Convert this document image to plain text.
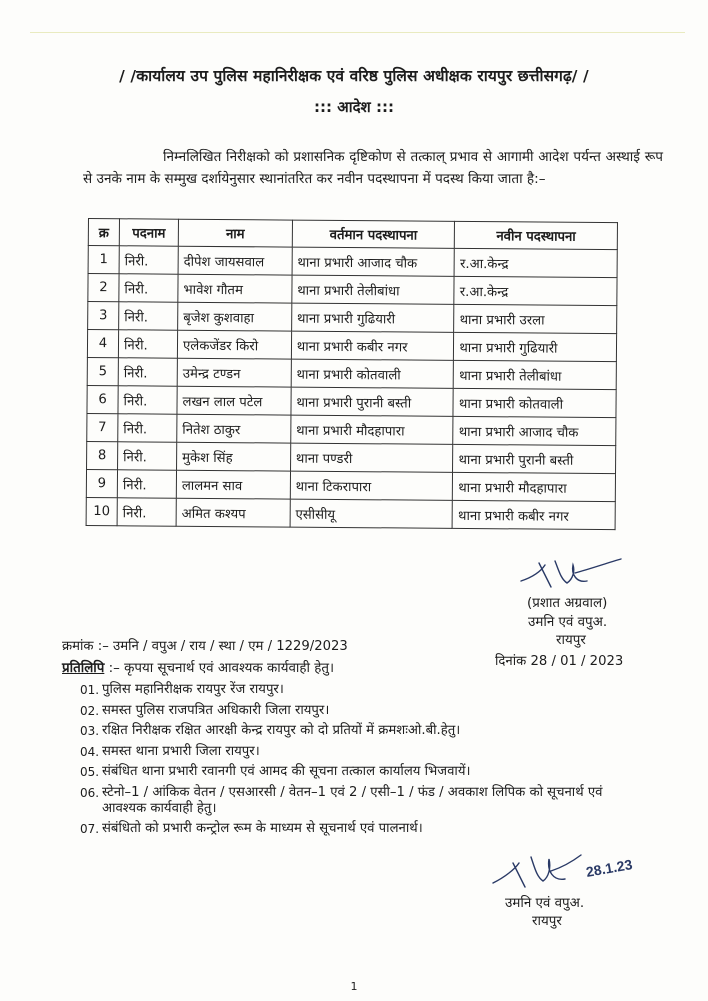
/ /कार्यालय उप पुलिस महानिरीक्षक एवं वरिष्ठ पुलिस अधीक्षक रायपुर छत्तीसगढ़/ /
::: आदेश :::
निम्नलिखित निरीक्षको को प्रशासनिक दृष्टिकोण से तत्काल् प्रभाव से आगामी आदेश पर्यन्त अस्थाई रूप से उनके नाम के सम्मुख दर्शायेनुसार स्थानांतरित कर नवीन पदस्थापना में पदस्थ किया जाता है:–
क्र	पदनाम	नाम	वर्तमान पदस्थापना	नवीन पदस्थापना
1	निरी.	दीपेश जायसवाल	थाना प्रभारी आजाद चौक	र.आ.केन्द्र
2	निरी.	भावेश गौतम	थाना प्रभारी तेलीबांधा	र.आ.केन्द्र
3	निरी.	बृजेश कुशवाहा	थाना प्रभारी गुढियारी	थाना प्रभारी उरला
4	निरी.	एलेकजेंडर किरो	थाना प्रभारी कबीर नगर	थाना प्रभारी गुढियारी
5	निरी.	उमेन्द्र टण्डन	थाना प्रभारी कोतवाली	थाना प्रभारी तेलीबांधा
6	निरी.	लखन लाल पटेल	थाना प्रभारी पुरानी बस्ती	थाना प्रभारी कोतवाली
7	निरी.	नितेश ठाकुर	थाना प्रभारी मौदहापारा	थाना प्रभारी आजाद चौक
8	निरी.	मुकेश सिंह	थाना पण्डरी	थाना प्रभारी पुरानी बस्ती
9	निरी.	लालमन साव	थाना टिकरापारा	थाना प्रभारी मौदहापारा
10	निरी.	अमित कश्यप	एसीसीयू	थाना प्रभारी कबीर नगर
(प्रशात अग्रवाल)
उमनि एवं वपुअ.
रायपुर
क्रमांक :– उमनि / वपुअ / राय / स्था / एम / 1229/2023
दिनांक 28 / 01 / 2023
प्रतिलिपि :– कृपया सूचनार्थ एवं आवश्यक कार्यवाही हेतु।
01. पुलिस महानिरीक्षक रायपुर रेंज रायपुर।
02. समस्त पुलिस राजपत्रित अधिकारी जिला रायपुर।
03. रक्षित निरीक्षक रक्षित आरक्षी केन्द्र रायपुर को दो प्रतियों में क्रमशःओ.बी.हेतु।
04. समस्त थाना प्रभारी जिला रायपुर।
05. संबंधित थाना प्रभारी रवानगी एवं आमद की सूचना तत्काल कार्यालय भिजवायें।
06. स्टेनो–1 / आंकिक वेतन / एसआरसी / वेतन–1 एवं 2 / एसी–1 / फंड / अवकाश लिपिक को सूचनार्थ एवं आवश्यक कार्यवाही हेतु।
07. संबंधितो को प्रभारी कन्ट्रोल रूम के माध्यम से सूचनार्थ एवं पालनार्थ।
28.1.23
उमनि एवं वपुअ.
रायपुर
1
